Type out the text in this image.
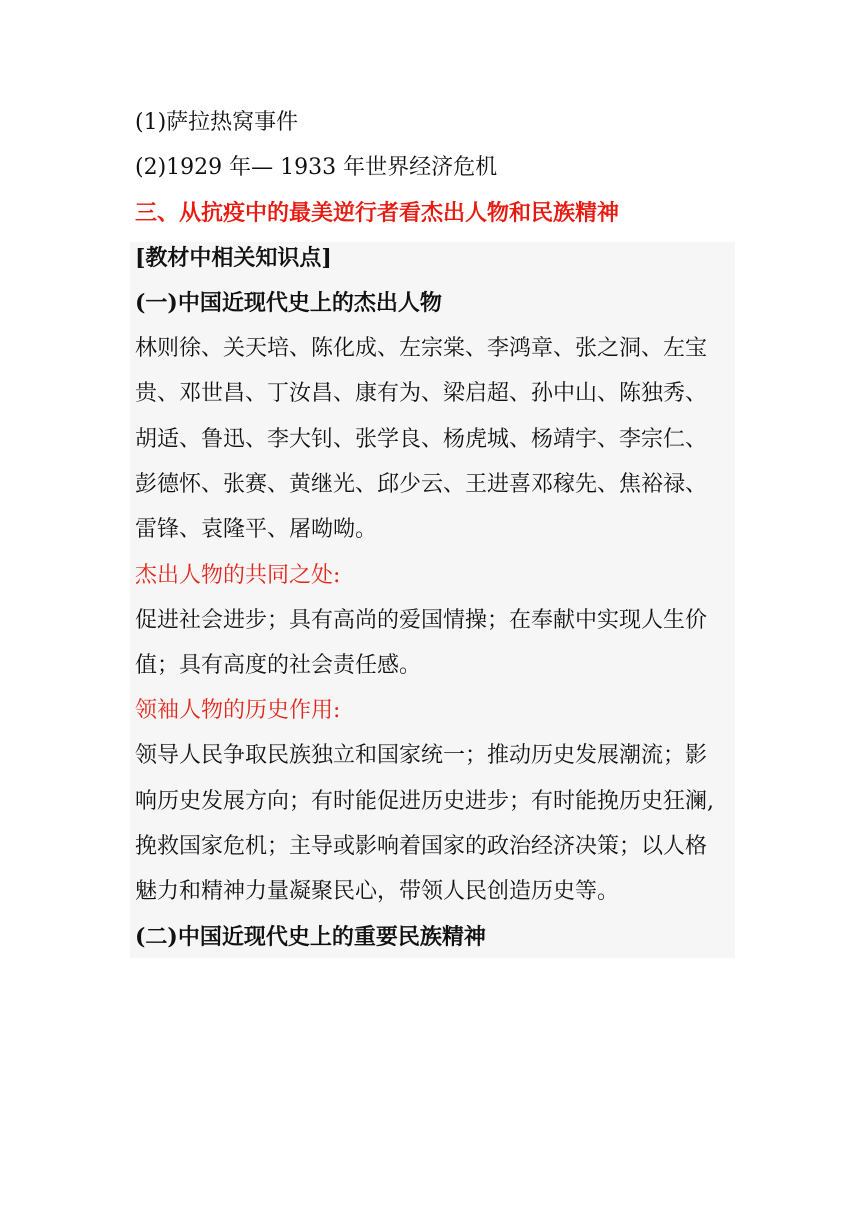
(1)萨拉热窝事件
(2)1929 年— 1933 年世界经济危机
三、从抗疫中的最美逆行者看杰出人物和民族精神
[教材中相关知识点]
(一)中国近现代史上的杰出人物
林则徐、关天培、陈化成、左宗棠、李鸿章、张之洞、左宝
贵、邓世昌、丁汝昌、康有为、梁启超、孙中山、陈独秀、
胡适、鲁迅、李大钊、张学良、杨虎城、杨靖宇、李宗仁、
彭德怀、张赛、黄继光、邱少云、王进喜邓稼先、焦裕禄、
雷锋、袁隆平、屠呦呦。
杰出人物的共同之处:
促进社会进步；具有高尚的爱国情操；在奉献中实现人生价
值；具有高度的社会责任感。
领袖人物的历史作用:
领导人民争取民族独立和国家统一；推动历史发展潮流；影
响历史发展方向；有时能促进历史进步；有时能挽历史狂澜,
挽救国家危机；主导或影响着国家的政治经济决策；以人格
魅力和精神力量凝聚民心，带领人民创造历史等。
(二)中国近现代史上的重要民族精神
